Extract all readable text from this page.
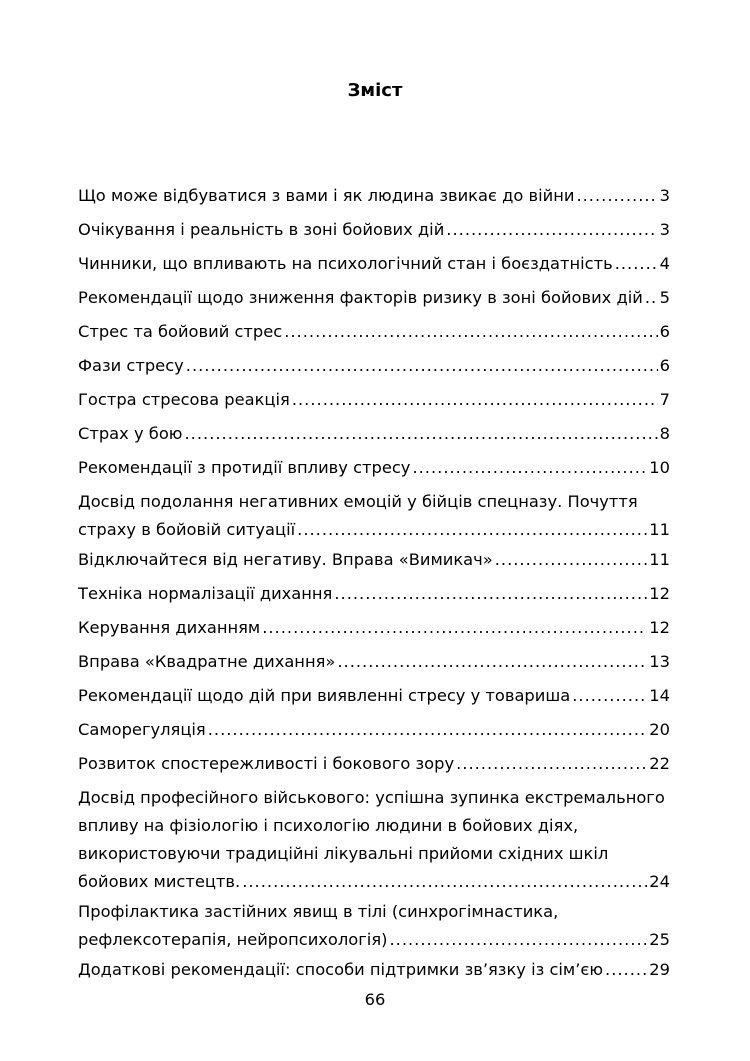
Зміст
Що може відбуватися з вами і як людина звикає до війни .....	3
Очікування і реальність в зоні бойових дій .....	3
Чинники, що впливають на психологічний стан і боєздатність .....	4
Рекомендації щодо зниження факторів ризику в зоні бойових дій ..... 5
Стрес та бойовий стрес .....	6
Фази стресу .....	6
Гостра стресова реакція .....	7
Страх у бою .....	8
Рекомендації з протидії впливу стресу .....	10
Досвід подолання негативних емоцій у бійців спецназу. Почуття
страху в бойовій ситуації .....	11
Відключайтеся від негативу. Вправа «Вимикач» .....	11
Техніка нормалізації дихання .....	12
Керування диханням .....	12
Вправа «Квадратне дихання» .....	13
Рекомендації щодо дій при виявленні стресу у товариша .....	14
Саморегуляція .....	20
Розвиток спостережливості і бокового зору .....	22
Досвід професійного військового: успішна зупинка екстремального
впливу на фізіологію і психологію людини в бойових діях,
використовуючи традиційні лікувальні прийоми східних шкіл
бойових мистецтв. .....	24
Профілактика застійних явищ в тілі (синхрогімнастика,
рефлексотерапія, нейропсихологія) .....	25
Додаткові рекомендації: способи підтримки зв’язку із сім’єю .....	29
66
